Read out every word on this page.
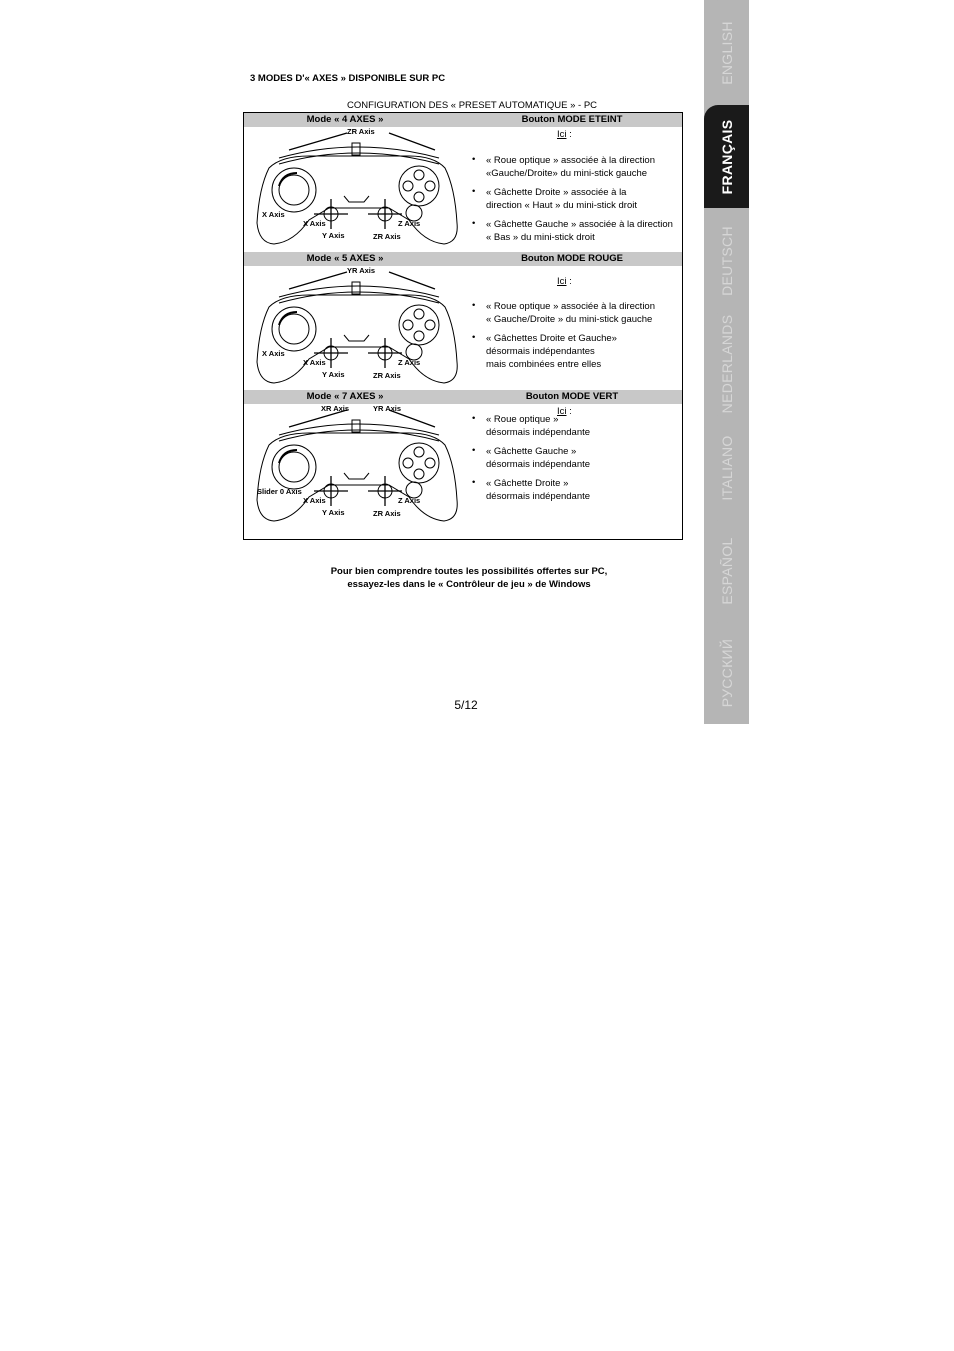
3 MODES D'« AXES » DISPONIBLE SUR PC
CONFIGURATION DES « PRESET AUTOMATIQUE » - PC
Mode « 4 AXES »	Bouton MODE ETEINT
ZR Axis
X Axis
X Axis
Y Axis
Z Axis
ZR Axis
Ici :
• « Roue optique » associée à la direction
«Gauche/Droite» du mini-stick gauche
• « Gâchette Droite » associée à la
direction « Haut » du mini-stick droit
• « Gâchette Gauche » associée à la direction
« Bas » du mini-stick droit
Mode « 5 AXES »	Bouton MODE ROUGE
YR Axis
X Axis
X Axis
Y Axis
Z Axis
ZR Axis
Ici :
• « Roue optique » associée à la direction
« Gauche/Droite » du mini-stick gauche
• « Gâchettes Droite et Gauche»
désormais indépendantes
mais combinées entre elles
Mode « 7 AXES »	Bouton MODE VERT
XR Axis	YR Axis
Slider 0 Axis
X Axis
Y Axis
Z Axis
ZR Axis
Ici :
• « Roue optique »
désormais indépendante
• « Gâchette Gauche »
désormais indépendante
• « Gâchette Droite »
désormais indépendante
Pour bien comprendre toutes les possibilités offertes sur PC,
essayez-les dans le « Contrôleur de jeu » de Windows
5/12
ENGLISH
FRANÇAIS
DEUTSCH
NEDERLANDS
ITALIANO
ESPAÑOL
РУССКИЙ
